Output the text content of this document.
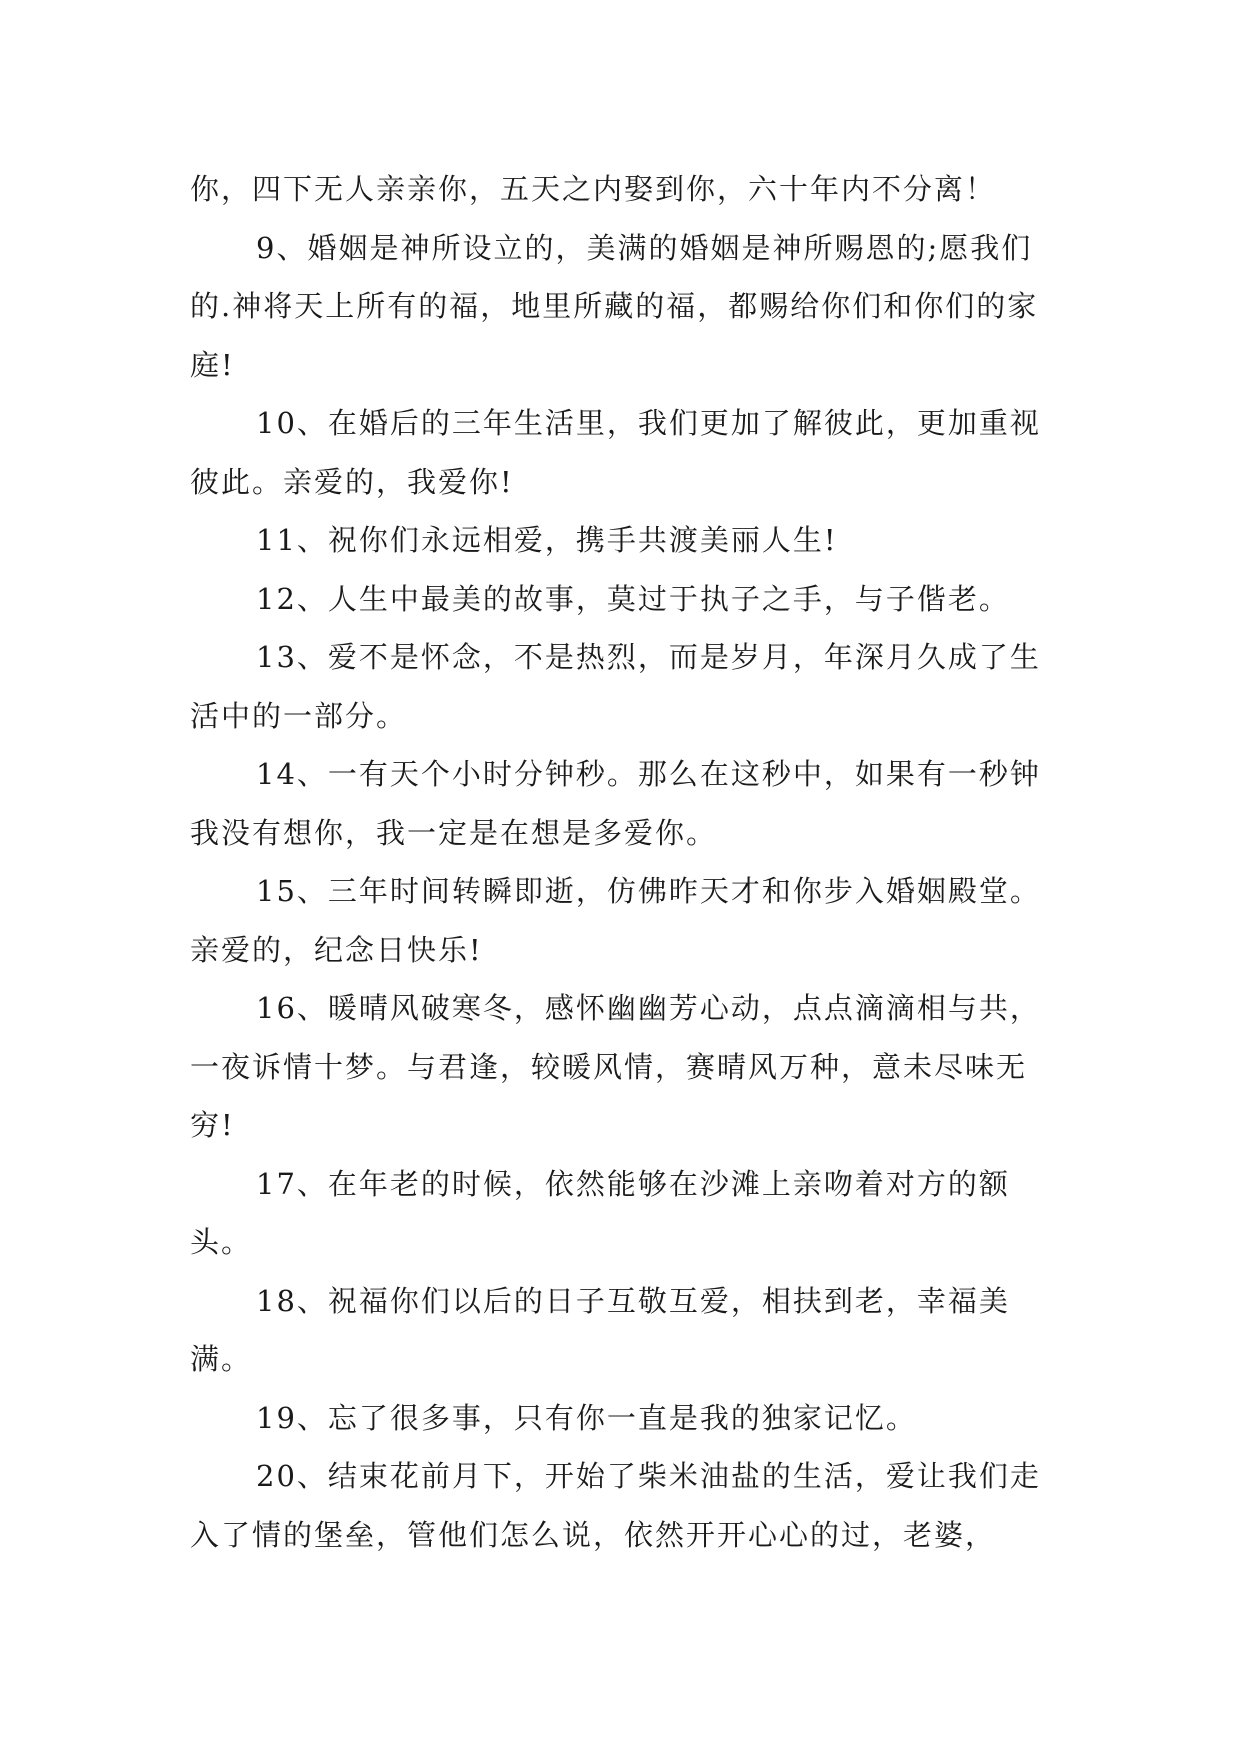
你，四下无人亲亲你，五天之内娶到你，六十年内不分离！

9、婚姻是神所设立的，美满的婚姻是神所赐恩的;愿我们的.神将天上所有的福，地里所藏的福，都赐给你们和你们的家庭!

10、在婚后的三年生活里，我们更加了解彼此，更加重视彼此。亲爱的，我爱你!

11、祝你们永远相爱，携手共渡美丽人生!

12、人生中最美的故事，莫过于执子之手，与子偕老。

13、爱不是怀念，不是热烈，而是岁月，年深月久成了生活中的一部分。

14、一有天个小时分钟秒。那么在这秒中，如果有一秒钟我没有想你，我一定是在想是多爱你。

15、三年时间转瞬即逝，仿佛昨天才和你步入婚姻殿堂。亲爱的，纪念日快乐!

16、暖晴风破寒冬，感怀幽幽芳心动，点点滴滴相与共，一夜诉情十梦。与君逢，较暖风情，赛晴风万种，意未尽味无穷!

17、在年老的时候，依然能够在沙滩上亲吻着对方的额头。

18、祝福你们以后的日子互敬互爱，相扶到老，幸福美满。

19、忘了很多事，只有你一直是我的独家记忆。

20、结束花前月下，开始了柴米油盐的生活，爱让我们走入了情的堡垒，管他们怎么说，依然开开心心的过，老婆，
